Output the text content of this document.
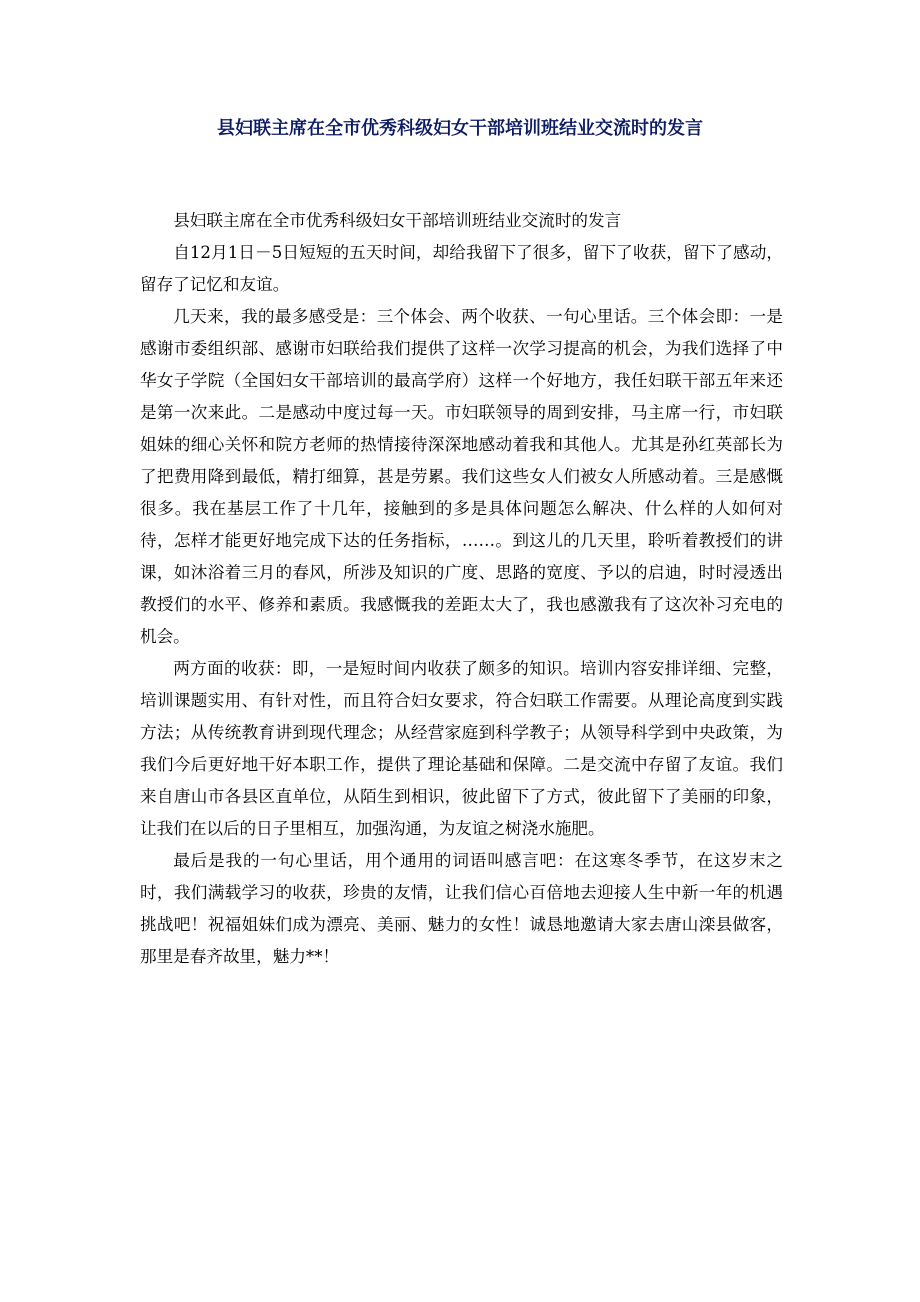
县妇联主席在全市优秀科级妇女干部培训班结业交流时的发言

县妇联主席在全市优秀科级妇女干部培训班结业交流时的发言

自12月1日－5日短短的五天时间，却给我留下了很多，留下了收获，留下了感动，留存了记忆和友谊。

几天来，我的最多感受是：三个体会、两个收获、一句心里话。三个体会即：一是感谢市委组织部、感谢市妇联给我们提供了这样一次学习提高的机会，为我们选择了中华女子学院（全国妇女干部培训的最高学府）这样一个好地方，我任妇联干部五年来还是第一次来此。二是感动中度过每一天。市妇联领导的周到安排，马主席一行，市妇联姐妹的细心关怀和院方老师的热情接待深深地感动着我和其他人。尤其是孙红英部长为了把费用降到最低，精打细算，甚是劳累。我们这些女人们被女人所感动着。三是感慨很多。我在基层工作了十几年，接触到的多是具体问题怎么解决、什么样的人如何对待，怎样才能更好地完成下达的任务指标，……。到这儿的几天里，聆听着教授们的讲课，如沐浴着三月的春风，所涉及知识的广度、思路的宽度、予以的启迪，时时浸透出教授们的水平、修养和素质。我感慨我的差距太大了，我也感激我有了这次补习充电的机会。

两方面的收获：即，一是短时间内收获了颇多的知识。培训内容安排详细、完整，培训课题实用、有针对性，而且符合妇女要求，符合妇联工作需要。从理论高度到实践方法；从传统教育讲到现代理念；从经营家庭到科学教子；从领导科学到中央政策，为我们今后更好地干好本职工作，提供了理论基础和保障。二是交流中存留了友谊。我们来自唐山市各县区直单位，从陌生到相识，彼此留下了方式，彼此留下了美丽的印象，让我们在以后的日子里相互，加强沟通，为友谊之树浇水施肥。

最后是我的一句心里话，用个通用的词语叫感言吧：在这寒冬季节，在这岁末之时，我们满载学习的收获，珍贵的友情，让我们信心百倍地去迎接人生中新一年的机遇挑战吧！祝福姐妹们成为漂亮、美丽、魅力的女性！诚恳地邀请大家去唐山滦县做客，那里是春齐故里，魅力**！
